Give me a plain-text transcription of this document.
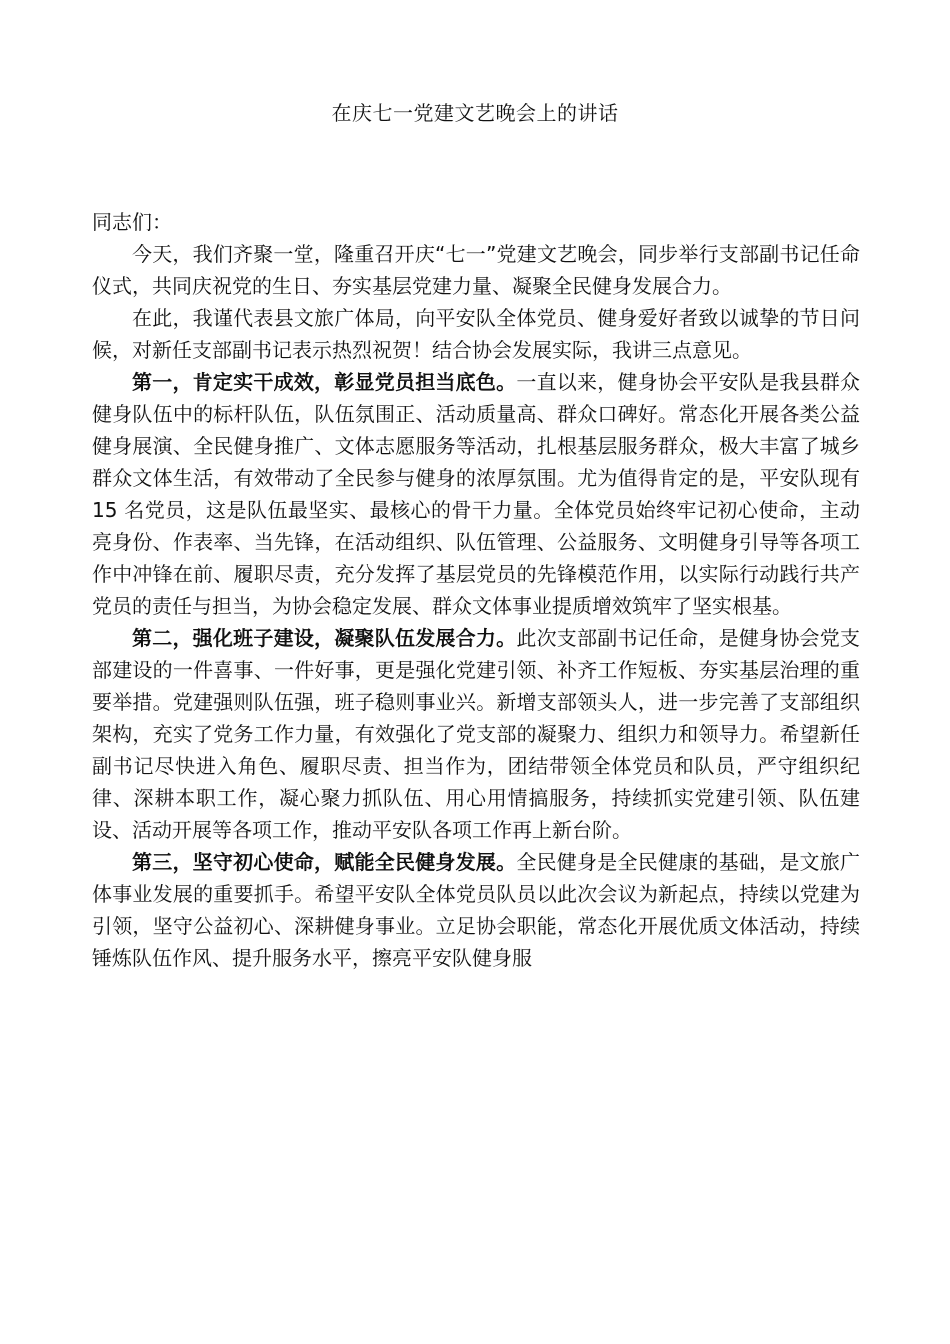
在庆七一党建文艺晚会上的讲话

同志们：

今天，我们齐聚一堂，隆重召开庆“七一”党建文艺晚会，同步举行支部副书记任命仪式，共同庆祝党的生日、夯实基层党建力量、凝聚全民健身发展合力。

在此，我谨代表县文旅广体局，向平安队全体党员、健身爱好者致以诚挚的节日问候，对新任支部副书记表示热烈祝贺！结合协会发展实际，我讲三点意见。

第一，肯定实干成效，彰显党员担当底色。一直以来，健身协会平安队是我县群众健身队伍中的标杆队伍，队伍氛围正、活动质量高、群众口碑好。常态化开展各类公益健身展演、全民健身推广、文体志愿服务等活动，扎根基层服务群众，极大丰富了城乡群众文体生活，有效带动了全民参与健身的浓厚氛围。尤为值得肯定的是，平安队现有 15 名党员，这是队伍最坚实、最核心的骨干力量。全体党员始终牢记初心使命，主动亮身份、作表率、当先锋，在活动组织、队伍管理、公益服务、文明健身引导等各项工作中冲锋在前、履职尽责，充分发挥了基层党员的先锋模范作用，以实际行动践行共产党员的责任与担当，为协会稳定发展、群众文体事业提质增效筑牢了坚实根基。

第二，强化班子建设，凝聚队伍发展合力。此次支部副书记任命，是健身协会党支部建设的一件喜事、一件好事，更是强化党建引领、补齐工作短板、夯实基层治理的重要举措。党建强则队伍强，班子稳则事业兴。新增支部领头人，进一步完善了支部组织架构，充实了党务工作力量，有效强化了党支部的凝聚力、组织力和领导力。希望新任副书记尽快进入角色、履职尽责、担当作为，团结带领全体党员和队员，严守组织纪律、深耕本职工作，凝心聚力抓队伍、用心用情搞服务，持续抓实党建引领、队伍建设、活动开展等各项工作，推动平安队各项工作再上新台阶。

第三，坚守初心使命，赋能全民健身发展。全民健身是全民健康的基础，是文旅广体事业发展的重要抓手。希望平安队全体党员队员以此次会议为新起点，持续以党建为引领，坚守公益初心、深耕健身事业。立足协会职能，常态化开展优质文体活动，持续锤炼队伍作风、提升服务水平，擦亮平安队健身服
